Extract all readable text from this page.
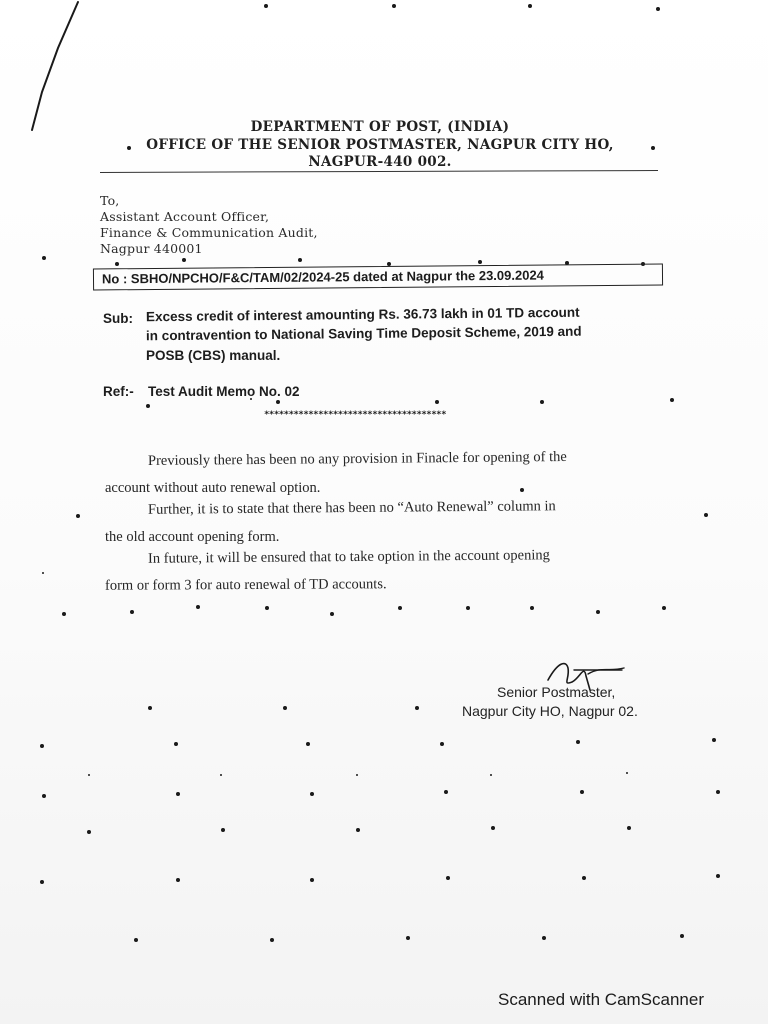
DEPARTMENT OF POST, (INDIA)
OFFICE OF THE SENIOR POSTMASTER, NAGPUR CITY HO,
NAGPUR-440 002.
To,
Assistant Account Officer,
Finance & Communication Audit,
Nagpur 440001
No : SBHO/NPCHO/F&C/TAM/02/2024-25 dated at Nagpur the 23.09.2024
Sub: Excess credit of interest amounting Rs. 36.73 lakh in 01 TD account
in contravention to National Saving Time Deposit Scheme, 2019 and
POSB (CBS) manual.
Ref:- Test Audit Memo No. 02
*************************************
Previously there has been no any provision in Finacle for opening of the
account without auto renewal option.
Further, it is to state that there has been no “Auto Renewal” column in
the old account opening form.
In future, it will be ensured that to take option in the account opening
form or form 3 for auto renewal of TD accounts.
Senior Postmaster,
Nagpur City HO, Nagpur 02.
Scanned with CamScanner
